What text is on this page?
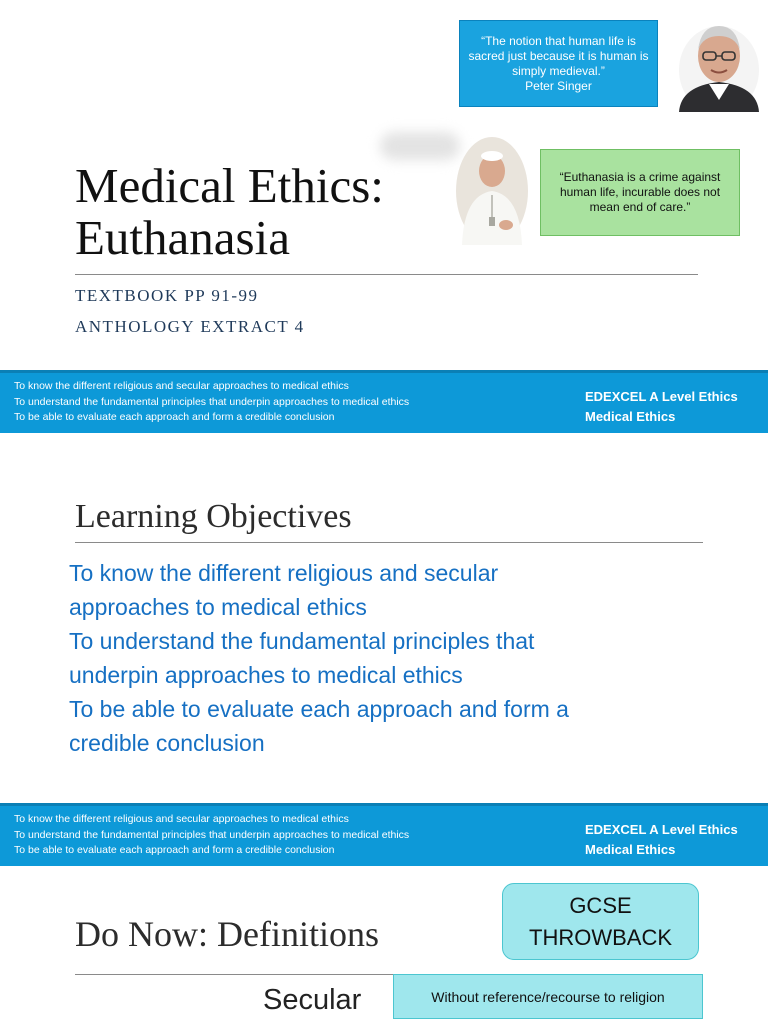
“The notion that human life is sacred just because it is human is simply medieval.”
Peter Singer
“Euthanasia is a crime against human life, incurable does not mean end of care.”
Medical Ethics:
Euthanasia
TEXTBOOK PP 91-99
ANTHOLOGY EXTRACT 4
To know the different religious and secular approaches to medical ethics
To understand the fundamental principles that underpin approaches to medical ethics
To be able to evaluate each approach and form a credible conclusion
EDEXCEL A Level Ethics
Medical Ethics
Learning Objectives
To know the different religious and secular
approaches to medical ethics
To understand the fundamental principles that
underpin approaches to medical ethics
To be able to evaluate each approach and form a
credible conclusion
To know the different religious and secular approaches to medical ethics
To understand the fundamental principles that underpin approaches to medical ethics
To be able to evaluate each approach and form a credible conclusion
EDEXCEL A Level Ethics
Medical Ethics
Do Now: Definitions
GCSE
THROWBACK
Secular	Without reference/recourse to religion
